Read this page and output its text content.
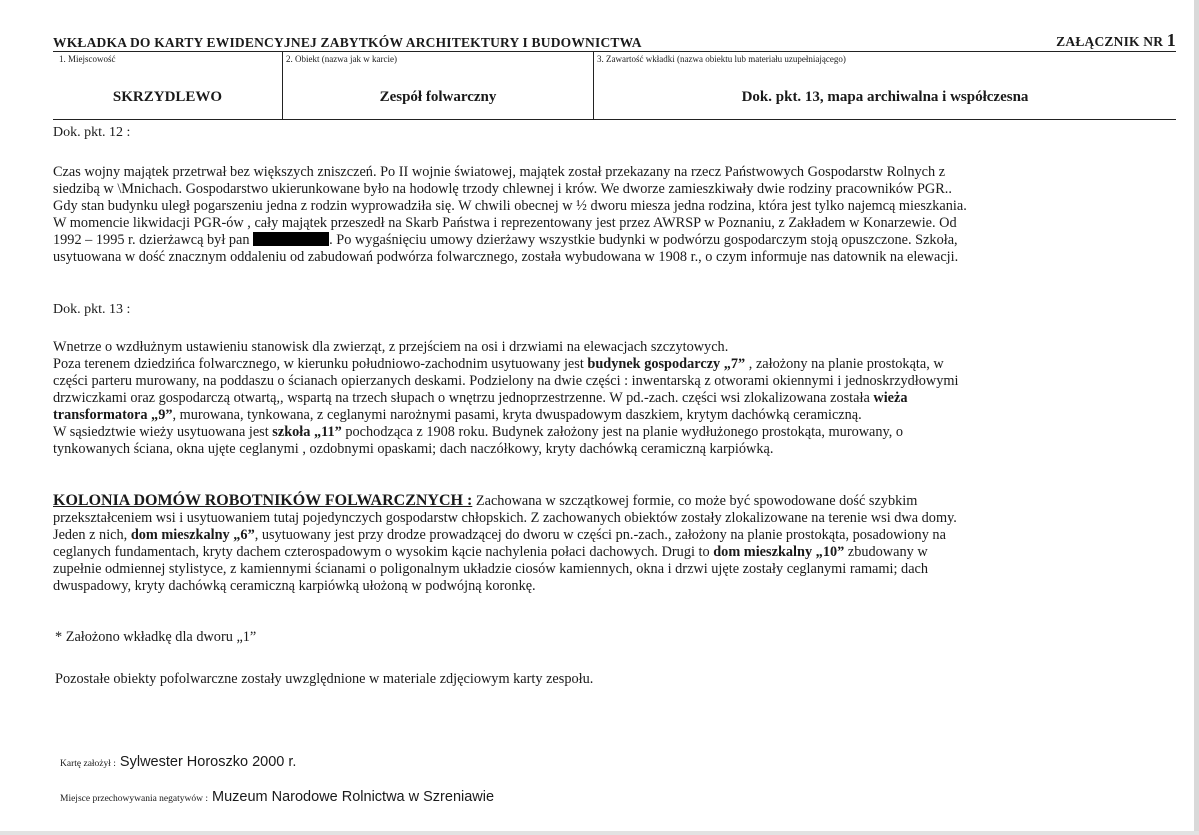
WKŁADKA DO KARTY EWIDENCYJNEJ ZABYTKÓW ARCHITEKTURY I BUDOWNICTWA	ZAŁĄCZNIK NR 1
1. Miejscowość
SKRZYDLEWO
2. Obiekt (nazwa jak w karcie)
Zespół folwarczny
3. Zawartość wkładki (nazwa obiektu lub materiału uzupełniającego)
Dok. pkt. 13, mapa archiwalna i współczesna
Dok. pkt. 12 :

Czas wojny majątek przetrwał bez większych zniszczeń. Po II wojnie światowej, majątek został przekazany na rzecz Państwowych Gospodarstw Rolnych z

siedzibą w \Mnichach. Gospodarstwo ukierunkowane było na hodowlę trzody chlewnej i krów. We dworze zamieszkiwały dwie rodziny pracowników PGR..

Gdy stan budynku uległ pogarszeniu jedna z rodzin wyprowadziła się. W chwili obecnej w ½ dworu miesza jedna rodzina, która jest tylko najemcą mieszkania.

W momencie likwidacji PGR-ów , cały majątek przeszedł na Skarb Państwa i reprezentowany jest przez AWRSP w Poznaniu, z Zakładem w Konarzewie. Od

1992 – 1995 r. dzierżawcą był pan	. Po wygaśnięciu umowy dzierżawy wszystkie budynki w podwórzu gospodarczym stoją opuszczone. Szkoła,

usytuowana w dość znacznym oddaleniu od zabudowań podwórza folwarcznego, została wybudowana w 1908 r., o czym informuje nas datownik na elewacji.

Dok. pkt. 13 :

Wnetrze o wzdłużnym ustawieniu stanowisk dla zwierząt, z przejściem na osi i drzwiami na elewacjach szczytowych.

Poza terenem dziedzińca folwarcznego, w kierunku południowo-zachodnim usytuowany jest budynek gospodarczy „7” , założony na planie prostokąta, w

części parteru murowany, na poddaszu o ścianach opierzanych deskami. Podzielony na dwie części : inwentarską z otworami okiennymi i jednoskrzydłowymi

drzwiczkami oraz gospodarczą otwartą,, wspartą na trzech słupach o wnętrzu jednoprzestrzenne. W pd.-zach. części wsi zlokalizowana została wieża

transformatora „9”, murowana, tynkowana, z ceglanymi narożnymi pasami, kryta dwuspadowym daszkiem, krytym dachówką ceramiczną.

W sąsiedztwie wieży usytuowana jest szkoła „11” pochodząca z 1908 roku. Budynek założony jest na planie wydłużonego prostokąta, murowany, o

tynkowanych ściana, okna ujęte ceglanymi , ozdobnymi opaskami; dach naczółkowy, kryty dachówką ceramiczną karpiówką.

KOLONIA DOMÓW ROBOTNIKÓW FOLWARCZNYCH : Zachowana w szczątkowej formie, co może być spowodowane dość szybkim

przekształceniem wsi i usytuowaniem tutaj pojedynczych gospodarstw chłopskich. Z zachowanych obiektów zostały zlokalizowane na terenie wsi dwa domy.

Jeden z nich, dom mieszkalny „6”, usytuowany jest przy drodze prowadzącej do dworu w części pn.-zach., założony na planie prostokąta, posadowiony na

ceglanych fundamentach, kryty dachem czterospadowym o wysokim kącie nachylenia połaci dachowych. Drugi to dom mieszkalny „10” zbudowany w

zupełnie odmiennej stylistyce, z kamiennymi ścianami o poligonalnym układzie ciosów kamiennych, okna i drzwi ujęte zostały ceglanymi ramami; dach

dwuspadowy, kryty dachówką ceramiczną karpiówką ułożoną w podwójną koronkę.

* Założono wkładkę dla dworu „1”
Pozostałe obiekty pofolwarczne zostały uwzględnione w materiale zdjęciowym karty zespołu.
Kartę założył : Sylwester Horoszko 2000 r.
Miejsce przechowywania negatywów : Muzeum Narodowe Rolnictwa w Szreniawie
